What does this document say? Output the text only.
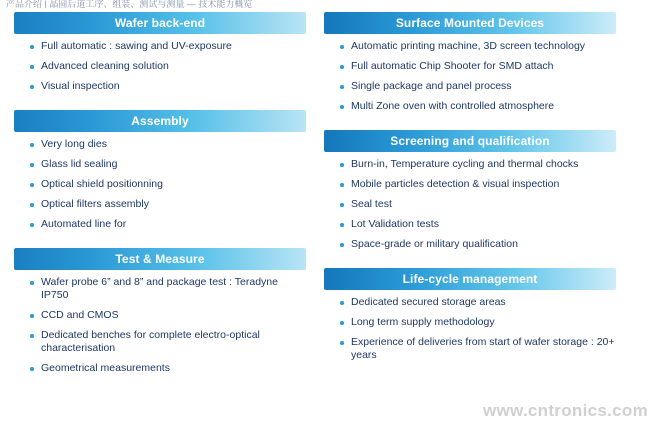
产品介绍 | 晶圆后道工序、组装、测试与测量 — 技术能力概览
Wafer back-end
Full automatic : sawing and UV-exposure
Advanced cleaning solution
Visual inspection
Assembly
Very long dies
Glass lid sealing
Optical shield positionning
Optical filters assembly
Automated line for
Test & Measure
Wafer probe 6” and 8” and package test : Teradyne IP750
CCD and CMOS
Dedicated benches for complete electro-optical characterisation
Geometrical measurements
Surface Mounted Devices
Automatic printing machine, 3D screen technology
Full automatic Chip Shooter for SMD attach
Single package and panel process
Multi Zone oven with controlled atmosphere
Screening and qualification
Burn-in, Temperature cycling and thermal chocks
Mobile particles detection & visual inspection
Seal test
Lot Validation tests
Space-grade or military qualification
Life-cycle management
Dedicated secured storage areas
Long term supply methodology
Experience of deliveries from start of wafer storage : 20+ years
www.cntronics.com
